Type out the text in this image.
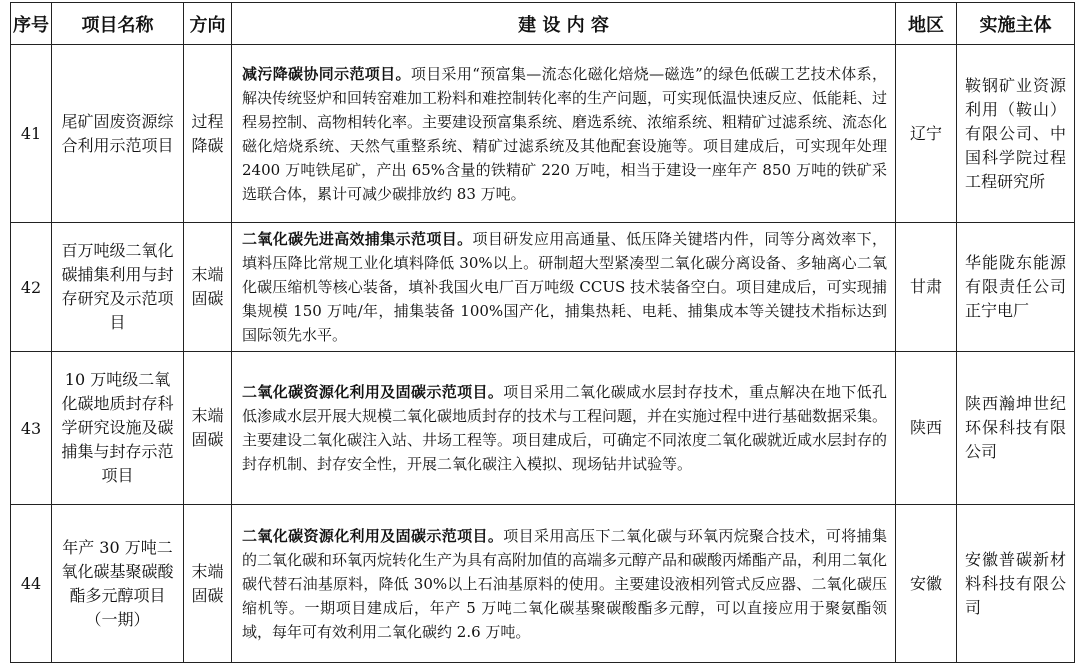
序号	项目名称	方向	建 设 内 容	地区	实施主体
41	尾矿固废资源综合利用示范项目	过程降碳	减污降碳协同示范项目。项目采用“预富集—流态化磁化焙烧—磁选”的绿色低碳工艺技术体系，解决传统竖炉和回转窑难加工粉料和难控制转化率的生产问题，可实现低温快速反应、低能耗、过程易控制、高物相转化率。主要建设预富集系统、磨选系统、浓缩系统、粗精矿过滤系统、流态化磁化焙烧系统、天然气重整系统、精矿过滤系统及其他配套设施等。项目建成后，可实现年处理 2400 万吨铁尾矿，产出 65%含量的铁精矿 220 万吨，相当于建设一座年产 850 万吨的铁矿采选联合体，累计可减少碳排放约 83 万吨。	辽宁	鞍钢矿业资源利用（鞍山）有限公司、中国科学院过程工程研究所
42	百万吨级二氧化碳捕集利用与封存研究及示范项目	末端固碳	二氧化碳先进高效捕集示范项目。项目研发应用高通量、低压降关键塔内件，同等分离效率下，填料压降比常规工业化填料降低 30%以上。研制超大型紧凑型二氧化碳分离设备、多轴离心二氧化碳压缩机等核心装备，填补我国火电厂百万吨级 CCUS 技术装备空白。项目建成后，可实现捕集规模 150 万吨/年，捕集装备 100%国产化，捕集热耗、电耗、捕集成本等关键技术指标达到国际领先水平。	甘肃	华能陇东能源有限责任公司正宁电厂
43	10 万吨级二氧化碳地质封存科学研究设施及碳捕集与封存示范项目	末端固碳	二氧化碳资源化利用及固碳示范项目。项目采用二氧化碳咸水层封存技术，重点解决在地下低孔低渗咸水层开展大规模二氧化碳地质封存的技术与工程问题，并在实施过程中进行基础数据采集。主要建设二氧化碳注入站、井场工程等。项目建成后，可确定不同浓度二氧化碳就近咸水层封存的封存机制、封存安全性，开展二氧化碳注入模拟、现场钻井试验等。	陕西	陕西瀚坤世纪环保科技有限公司
44	年产 30 万吨二氧化碳基聚碳酸酯多元醇项目（一期）	末端固碳	二氧化碳资源化利用及固碳示范项目。项目采用高压下二氧化碳与环氧丙烷聚合技术，可将捕集的二氧化碳和环氧丙烷转化生产为具有高附加值的高端多元醇产品和碳酸丙烯酯产品，利用二氧化碳代替石油基原料，降低 30%以上石油基原料的使用。主要建设液相列管式反应器、二氧化碳压缩机等。一期项目建成后，年产 5 万吨二氧化碳基聚碳酸酯多元醇，可以直接应用于聚氨酯领域，每年可有效利用二氧化碳约 2.6 万吨。	安徽	安徽普碳新材料科技有限公司
